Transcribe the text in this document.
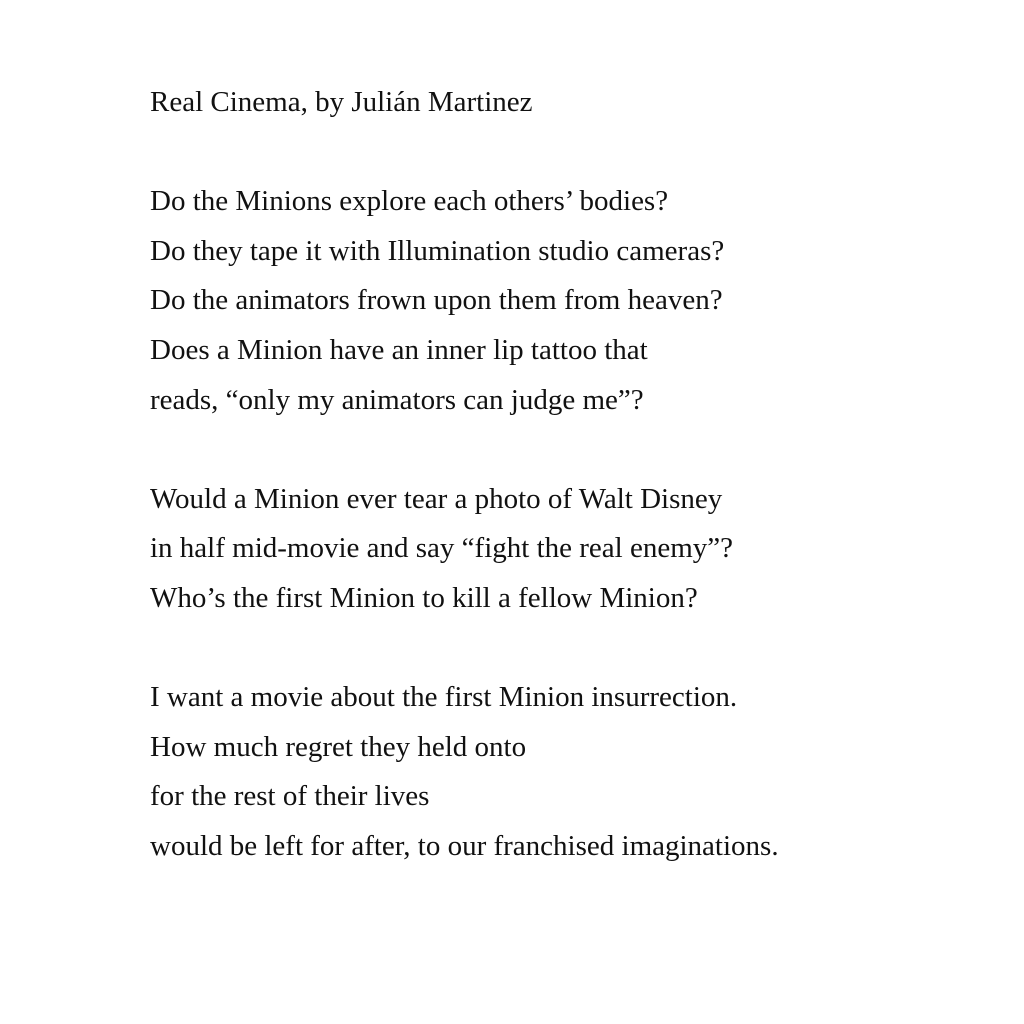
Real Cinema, by Julián Martinez
Do the Minions explore each others’ bodies?
Do they tape it with Illumination studio cameras?
Do the animators frown upon them from heaven?
Does a Minion have an inner lip tattoo that
reads, “only my animators can judge me”?
Would a Minion ever tear a photo of Walt Disney
in half mid-movie and say “fight the real enemy”?
Who’s the first Minion to kill a fellow Minion?
I want a movie about the first Minion insurrection.
How much regret they held onto
for the rest of their lives
would be left for after, to our franchised imaginations.
